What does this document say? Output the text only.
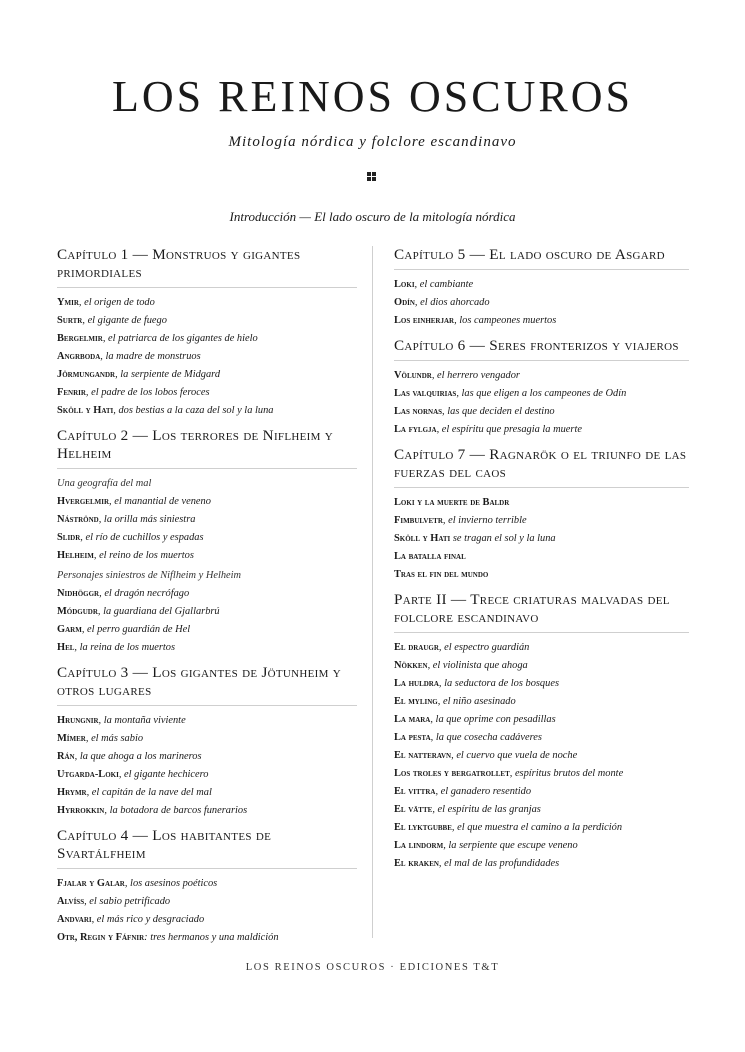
LOS REINOS OSCUROS
Mitología nórdica y folclore escandinavo
Introducción — El lado oscuro de la mitología nórdica
Capítulo 1 — Monstruos y gigantes primordiales
Ymir, el origen de todo
Surtr, el gigante de fuego
Bergelmir, el patriarca de los gigantes de hielo
Angrboda, la madre de monstruos
Jörmungandr, la serpiente de Midgard
Fenrir, el padre de los lobos feroces
Sköll y Hati, dos bestias a la caza del sol y la luna
Capítulo 2 — Los terrores de Niflheim y Helheim
Una geografía del mal
Hvergelmir, el manantial de veneno
Náströnd, la orilla más siniestra
Slidr, el río de cuchillos y espadas
Helheim, el reino de los muertos
Personajes siniestros de Niflheim y Helheim
Nidhöggr, el dragón necrófago
Módgudr, la guardiana del Gjallarbrú
Garm, el perro guardián de Hel
Hel, la reina de los muertos
Capítulo 3 — Los gigantes de Jötunheim y otros lugares
Hrungnir, la montaña viviente
Mímer, el más sabio
Rán, la que ahoga a los marineros
Utgarda-Loki, el gigante hechicero
Hrymr, el capitán de la nave del mal
Hyrrokkin, la botadora de barcos funerarios
Capítulo 4 — Los habitantes de Svartálfheim
Fjalar y Galar, los asesinos poéticos
Alvíss, el sabio petrificado
Andvari, el más rico y desgraciado
Otr, Regin y Fáfnir: tres hermanos y una maldición
Capítulo 5 — El lado oscuro de Asgard
Loki, el cambiante
Odín, el dios ahorcado
Los einherjar, los campeones muertos
Capítulo 6 — Seres fronterizos y viajeros
Völundr, el herrero vengador
Las valquirias, las que eligen a los campeones de Odín
Las nornas, las que deciden el destino
La fylgja, el espíritu que presagia la muerte
Capítulo 7 — Ragnarök o el triunfo de las fuerzas del caos
Loki y la muerte de Baldr
Fimbulvetr, el invierno terrible
Sköll y Hati se tragan el sol y la luna
La batalla final
Tras el fin del mundo
Parte II — Trece criaturas malvadas del folclore escandinavo
El draugr, el espectro guardián
Nökken, el violinista que ahoga
La huldra, la seductora de los bosques
El myling, el niño asesinado
La mara, la que oprime con pesadillas
La pesta, la que cosecha cadáveres
El natteravn, el cuervo que vuela de noche
Los troles y bergatrollet, espíritus brutos del monte
El vittra, el ganadero resentido
El vätte, el espíritu de las granjas
El lyktgubbe, el que muestra el camino a la perdición
La lindorm, la serpiente que escupe veneno
El kraken, el mal de las profundidades
LOS REINOS OSCUROS · EDICIONES T&T
